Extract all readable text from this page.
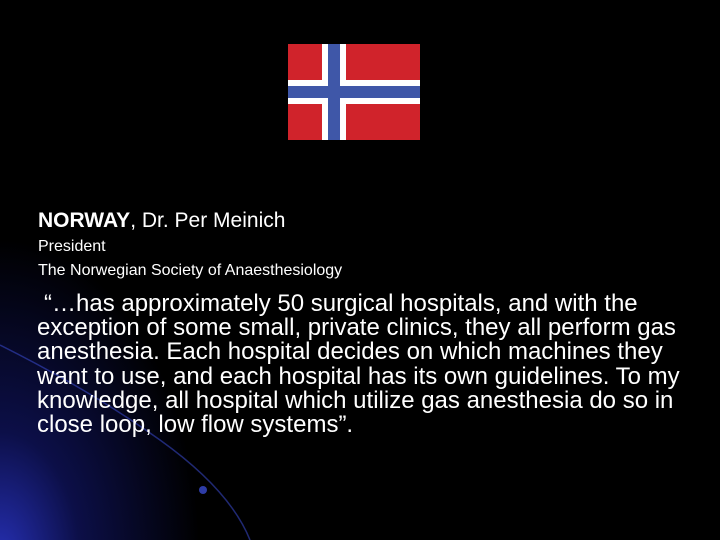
NORWAY, Dr. Per Meinich
President
The Norwegian Society of Anaesthesiology
“…has approximately 50 surgical hospitals, and with the exception of some small, private clinics, they all perform gas anesthesia. Each hospital decides on which machines they want to use, and each hospital has its own guidelines. To my knowledge, all hospital which utilize gas anesthesia do so in close loop, low flow systems”.
